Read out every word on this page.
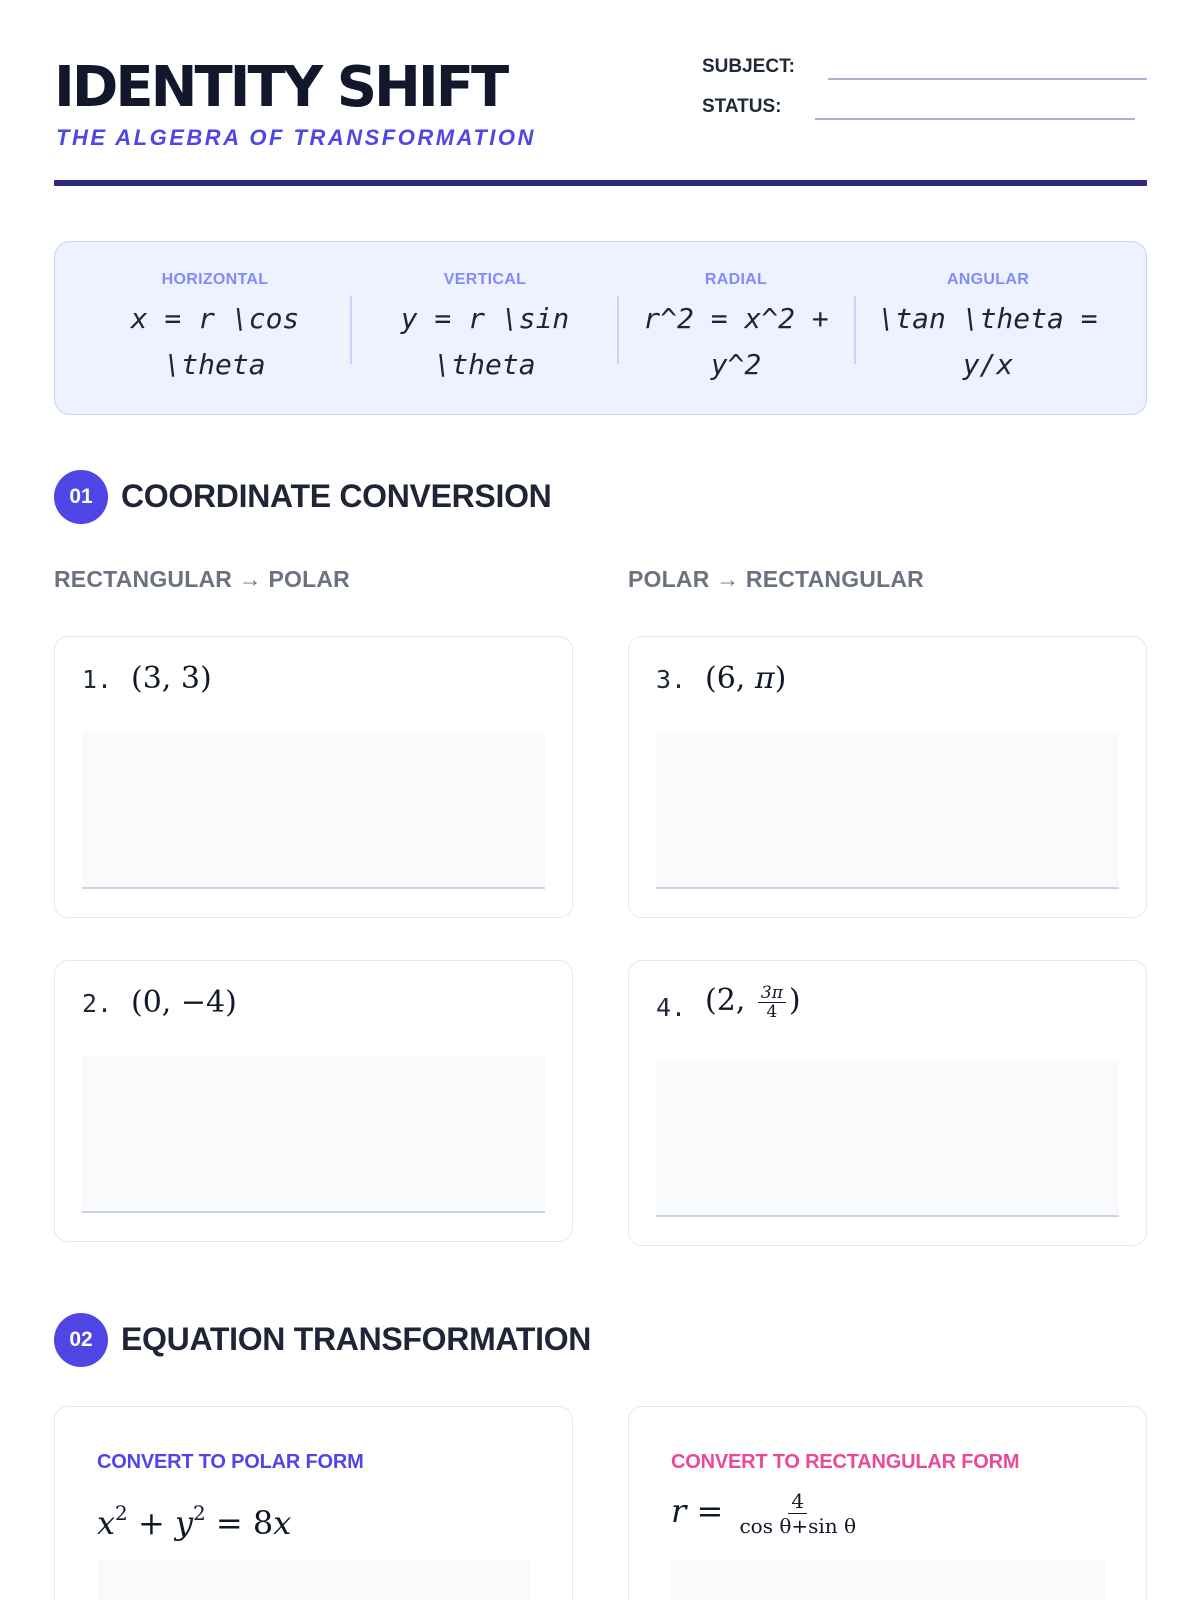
IDENTITY SHIFT
THE ALGEBRA OF TRANSFORMATION
SUBJECT:
STATUS:
HORIZONTAL
x = r \cos
\theta
VERTICAL
y = r \sin
\theta
RADIAL
r^2 = x^2 +
y^2
ANGULAR
\tan \theta =
y/x
01 COORDINATE CONVERSION
RECTANGULAR → POLAR	POLAR → RECTANGULAR
1. (3, 3)	3. (6, π)
2. (0, −4)	4. (2, $\frac{3\pi}{4}$ )
02 EQUATION TRANSFORMATION
CONVERT TO POLAR FORM
$x^2 + y^2 = 8x$
CONVERT TO RECTANGULAR FORM
$r = \frac{4}{\text{cos θ+sin θ}}$
